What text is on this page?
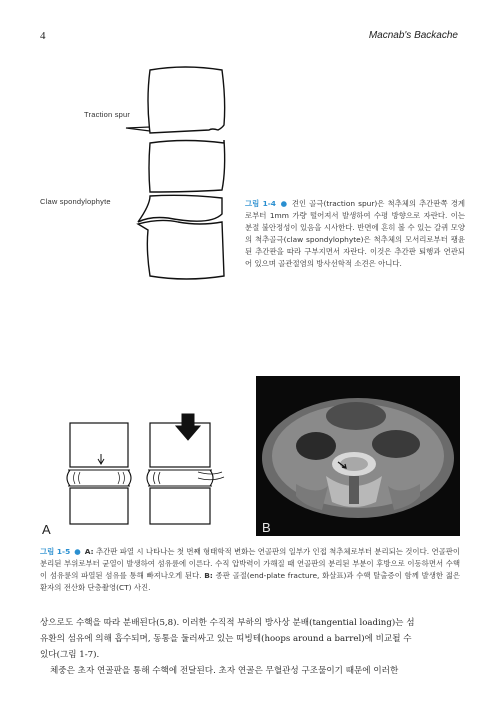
4	Macnab's Backache
Traction spur
Claw spondylophyte	그림 1-4 ● 견인 골극(traction spur)은 척추체의 추간판쪽 경계로부터 1mm 가량 떨어져서 발생하여 수평 방향으로 자란다. 이는 분절 불안정성이 있음을 시사한다. 반면에 흔히 볼 수 있는 갈퀴 모양의 척추골극(claw spondylophyte)은 척추체의 모서리로부터 팽윤된 추간판을 따라 구부지면서 자란다. 이것은 추간판 퇴행과 연관되어 있으며 골관절염의 방사선학적 소견은 아니다.
A	B
그림 1-5 ● A: 추간판 파열 시 나타나는 첫 번째 형태학적 변화는 연골판의 일부가 인접 척추체로부터 분리되는 것이다. 연골판이 분리된 부위로부터 균열이 발생하여 섬유륜에 이른다. 수직 압박력이 가해질 때 연골판의 분리된 부분이 후방으로 이동하면서 수핵이 섬유륜의 파열된 섬유를 통해 빠져나오게 된다. B: 종판 골절(end-plate fracture, 화살표)과 수핵 탈출증이 함께 발생한 젊은 환자의 전산화 단층촬영(CT) 사진.
상으로도 수핵을 따라 분배된다(5,8). 이러한 수직적 부하의 방사상 분배(tangential loading)는 섬
유환의 섬유에 의해 흡수되며, 동통을 둘러싸고 있는 띠빙테(hoops around a barrel)에 비교될 수
있다(그림 1-7).
체중은 초자 연골판을 통해 수핵에 전달된다. 초자 연골은 무혈관성 구조물이기 때문에 이러한
